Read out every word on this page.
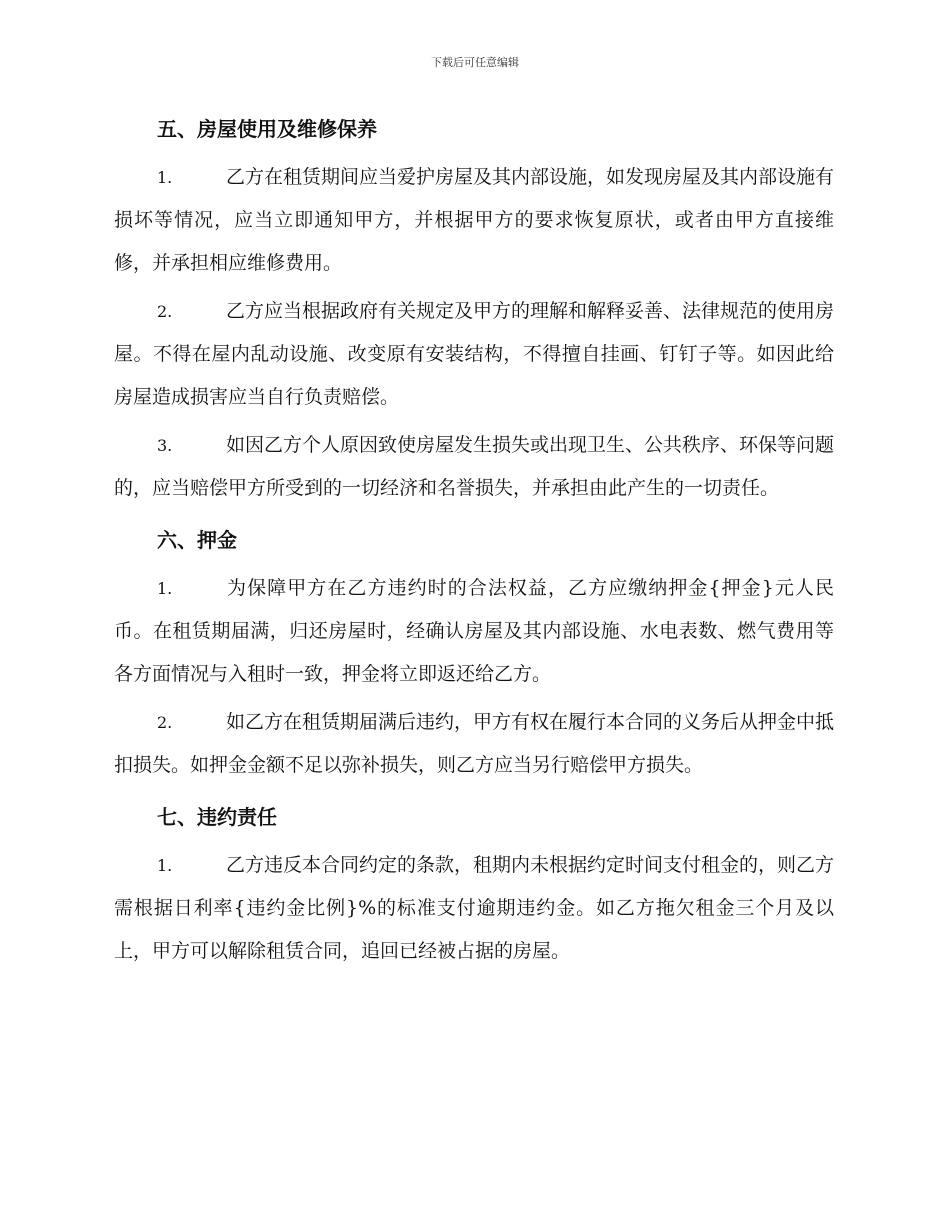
下载后可任意编辑
五、房屋使用及维修保养

1.	乙方在租赁期间应当爱护房屋及其内部设施，如发现房屋及其内部设施有损坏等情况，应当立即通知甲方，并根据甲方的要求恢复原状，或者由甲方直接维修，并承担相应维修费用。

2.	乙方应当根据政府有关规定及甲方的理解和解释妥善、法律规范的使用房屋。不得在屋内乱动设施、改变原有安装结构，不得擅自挂画、钉钉子等。如因此给房屋造成损害应当自行负责赔偿。

3.	如因乙方个人原因致使房屋发生损失或出现卫生、公共秩序、环保等问题的，应当赔偿甲方所受到的一切经济和名誉损失，并承担由此产生的一切责任。

六、押金

1.	为保障甲方在乙方违约时的合法权益，乙方应缴纳押金{押金}元人民币。在租赁期届满，归还房屋时，经确认房屋及其内部设施、水电表数、燃气费用等各方面情况与入租时一致，押金将立即返还给乙方。

2.	如乙方在租赁期届满后违约，甲方有权在履行本合同的义务后从押金中抵扣损失。如押金金额不足以弥补损失，则乙方应当另行赔偿甲方损失。

七、违约责任

1.	乙方违反本合同约定的条款，租期内未根据约定时间支付租金的，则乙方需根据日利率{违约金比例}%的标准支付逾期违约金。如乙方拖欠租金三个月及以上，甲方可以解除租赁合同，追回已经被占据的房屋。
